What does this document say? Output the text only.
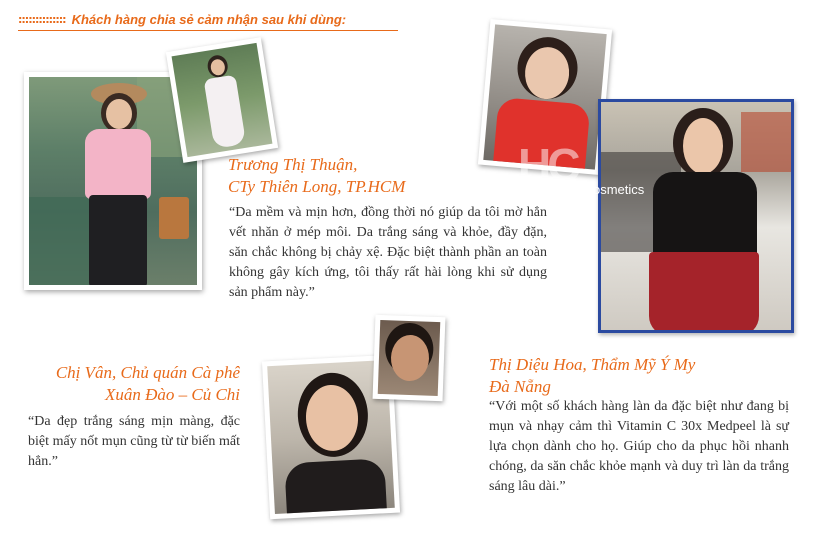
:::::::::::::: Khách hàng chia sẻ cảm nhận sau khi dùng:
Trương Thị Thuận,
CTy Thiên Long, TP.HCM
“Da mềm và mịn hơn, đồng thời nó giúp da tôi mờ hẳn vết nhăn ở mép môi. Da trắng sáng và khỏe, đầy đặn, săn chắc không bị chảy xệ. Đặc biệt thành phần an toàn không gây kích ứng, tôi thấy rất hài lòng khi sử dụng sản phẩm này.”
HC osmetics
Thị Diệu Hoa, Thẩm Mỹ Ý My
Đà Nẵng
“Với một số khách hàng làn da đặc biệt như đang bị mụn và nhạy cảm thì Vitamin C 30x Medpeel là sự lựa chọn dành cho họ. Giúp cho da phục hồi nhanh chóng, da săn chắc khỏe mạnh và duy trì làn da trắng sáng lâu dài.”
Chị Vân, Chủ quán Cà phê
Xuân Đào – Củ Chi
“Da đẹp trắng sáng mịn màng, đặc biệt mấy nốt mụn cũng từ từ biến mất hẳn.”
